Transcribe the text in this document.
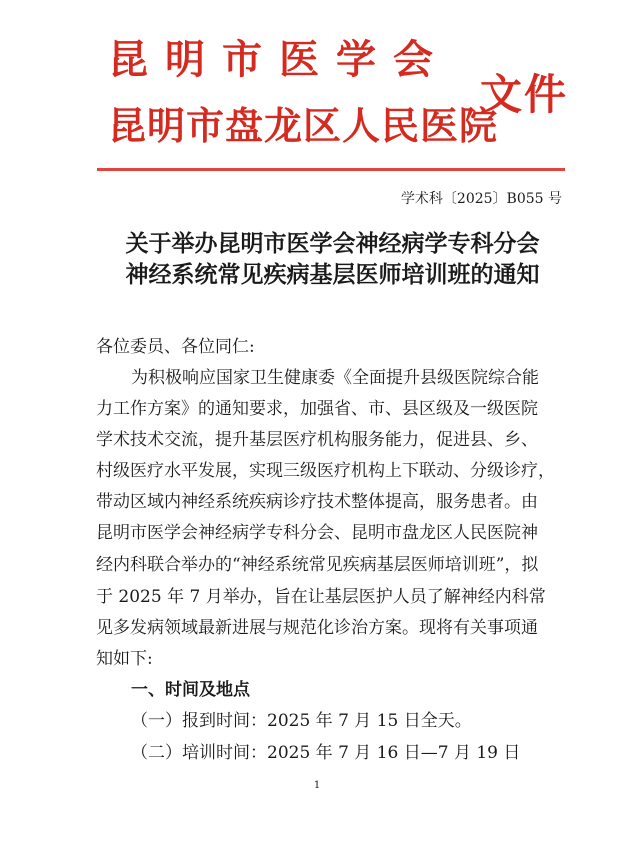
昆明市医学会
昆明市盘龙区人民医院
文件
学术科〔2025〕B055 号
关于举办昆明市医学会神经病学专科分会
神经系统常见疾病基层医师培训班的通知
各位委员、各位同仁:
为积极响应国家卫生健康委《全面提升县级医院综合能
力工作方案》的通知要求，加强省、市、县区级及一级医院
学术技术交流，提升基层医疗机构服务能力，促进县、乡、
村级医疗水平发展，实现三级医疗机构上下联动、分级诊疗，
带动区域内神经系统疾病诊疗技术整体提高，服务患者。由
昆明市医学会神经病学专科分会、昆明市盘龙区人民医院神
经内科联合举办的“神经系统常见疾病基层医师培训班”，拟
于 2025 年 7 月举办，旨在让基层医护人员了解神经内科常
见多发病领域最新进展与规范化诊治方案。现将有关事项通
知如下:
一、时间及地点
（一）报到时间：2025 年 7 月 15 日全天。
（二）培训时间：2025 年 7 月 16 日—7 月 19 日
1
